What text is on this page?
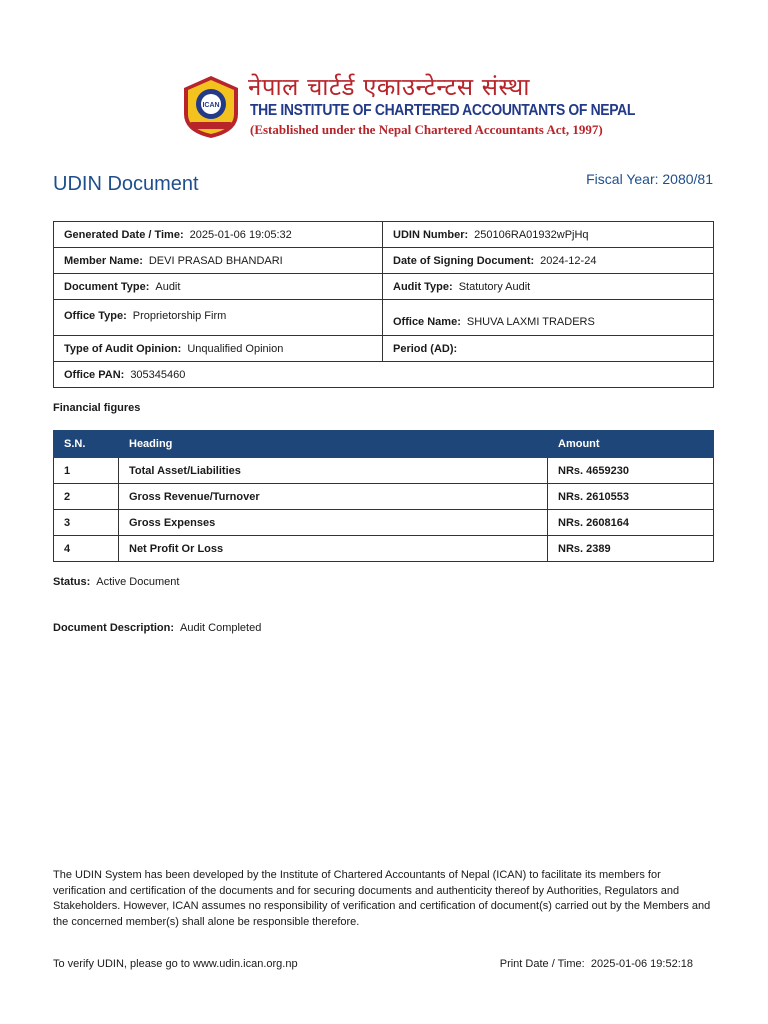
ICAN
नेपाल चार्टर्ड एकाउन्टेन्टस संस्था
THE INSTITUTE OF CHARTERED ACCOUNTANTS OF NEPAL
(Established under the Nepal Chartered Accountants Act, 1997)
UDIN Document	Fiscal Year: 2080/81
Generated Date / Time: 2025-01-06 19:05:32	UDIN Number: 250106RA01932wPjHq
Member Name: DEVI PRASAD BHANDARI	Date of Signing Document: 2024-12-24
Document Type: Audit	Audit Type: Statutory Audit
Office Type: Proprietorship Firm	Office Name: SHUVA LAXMI TRADERS
Type of Audit Opinion: Unqualified Opinion	Period (AD):
Office PAN: 305345460	
Financial figures
S.N.	Heading	Amount
1	Total Asset/Liabilities	NRs. 4659230
2	Gross Revenue/Turnover	NRs. 2610553
3	Gross Expenses	NRs. 2608164
4	Net Profit Or Loss	NRs. 2389
Status: Active Document
Document Description: Audit Completed
The UDIN System has been developed by the Institute of Chartered Accountants of Nepal (ICAN) to facilitate its members for verification and certification of the documents and for securing documents and authenticity thereof by Authorities, Regulators and Stakeholders. However, ICAN assumes no responsibility of verification and certification of document(s) carried out by the Members and the concerned member(s) shall alone be responsible therefore.
To verify UDIN, please go to www.udin.ican.org.np	Print Date / Time: 2025-01-06 19:52:18
